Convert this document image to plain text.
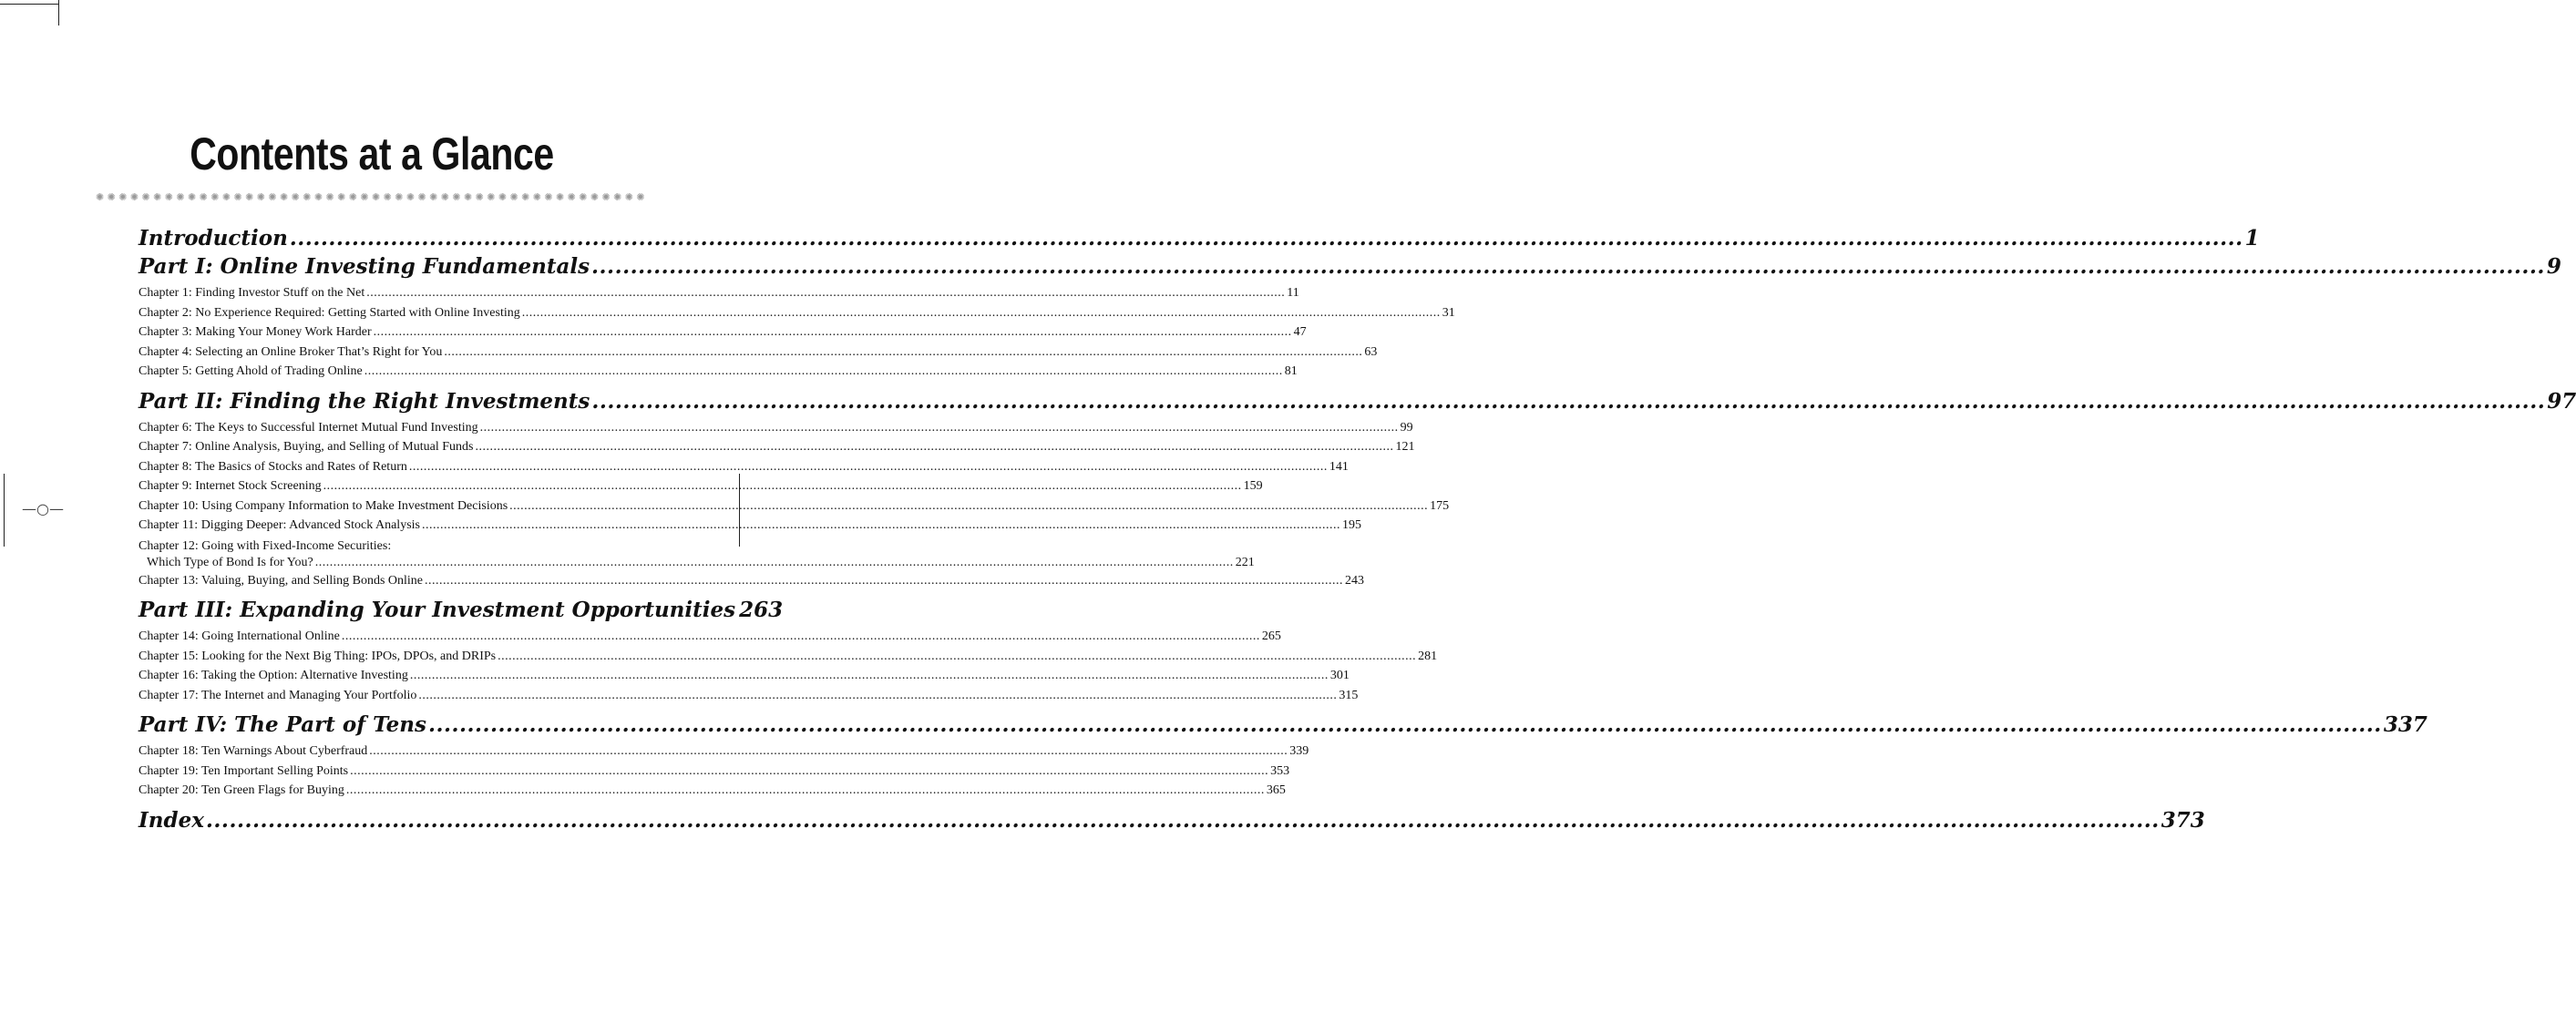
—○—
Contents at a Glance
✺ ✺ ✺ ✺ ✺ ✺ ✺ ✺ ✺ ✺ ✺ ✺ ✺ ✺ ✺ ✺ ✺ ✺ ✺ ✺ ✺ ✺ ✺ ✺ ✺ ✺ ✺ ✺ ✺ ✺ ✺ ✺ ✺ ✺ ✺ ✺ ✺ ✺ ✺ ✺ ✺ ✺ ✺ ✺ ✺ ✺ ✺ ✺
Introduction .....	1
Part I: Online Investing Fundamentals .....	9
Chapter 1: Finding Investor Stuff on the Net .....	11
Chapter 2: No Experience Required: Getting Started with Online Investing .....	31
Chapter 3: Making Your Money Work Harder .....	47
Chapter 4: Selecting an Online Broker That’s Right for You .....	63
Chapter 5: Getting Ahold of Trading Online .....	81
Part II: Finding the Right Investments .....	97
Chapter 6: The Keys to Successful Internet Mutual Fund Investing .....	99
Chapter 7: Online Analysis, Buying, and Selling of Mutual Funds .....	121
Chapter 8: The Basics of Stocks and Rates of Return .....	141
Chapter 9: Internet Stock Screening .....	159
Chapter 10: Using Company Information to Make Investment Decisions .....	175
Chapter 11: Digging Deeper: Advanced Stock Analysis .....	195
Chapter 12: Going with Fixed-Income Securities:
Which Type of Bond Is for You? .....	221
Chapter 13: Valuing, Buying, and Selling Bonds Online .....	243
Part III: Expanding Your Investment Opportunities 263
Chapter 14: Going International Online .....	265
Chapter 15: Looking for the Next Big Thing: IPOs, DPOs, and DRIPs .....	281
Chapter 16: Taking the Option: Alternative Investing .....	301
Chapter 17: The Internet and Managing Your Portfolio .....	315
Part IV: The Part of Tens .....	337
Chapter 18: Ten Warnings About Cyberfraud .....	339
Chapter 19: Ten Important Selling Points .....	353
Chapter 20: Ten Green Flags for Buying .....	365
Index .....	373
